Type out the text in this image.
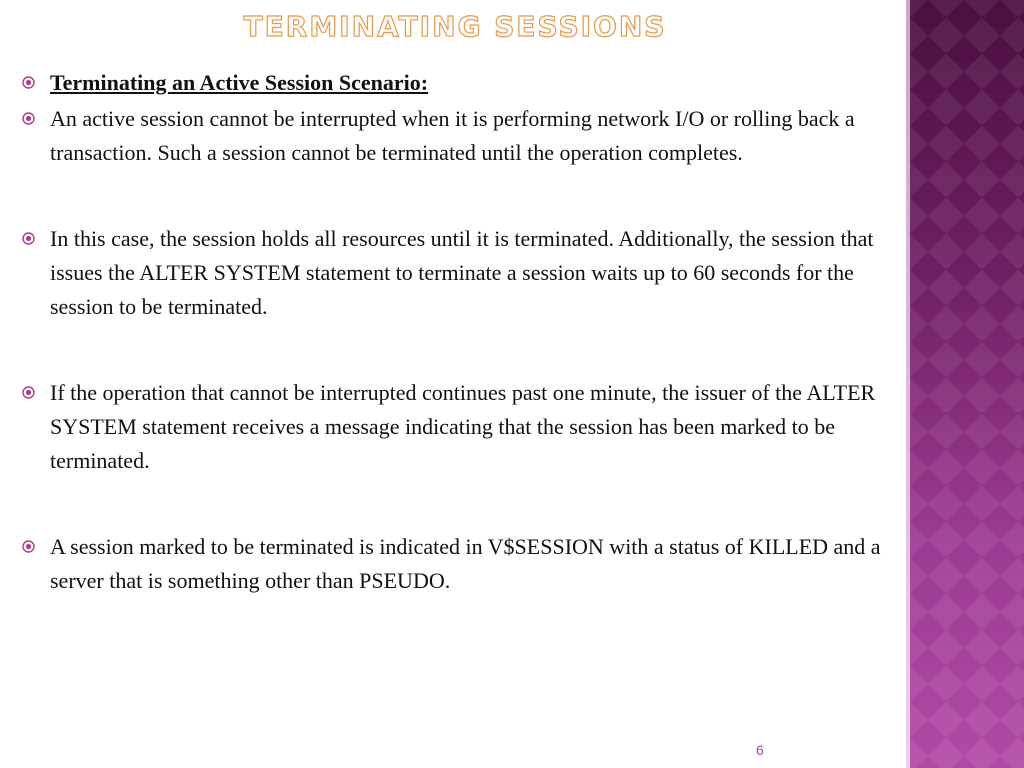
TERMINATING SESSIONS
Terminating an Active Session Scenario:
An active session cannot be interrupted when it is performing network I/O or rolling back a transaction. Such a session cannot be terminated until the operation completes.
In this case, the session holds all resources until it is terminated. Additionally, the session that issues the ALTER SYSTEM statement to terminate a session waits up to 60 seconds for the session to be terminated.
If the operation that cannot be interrupted continues past one minute, the issuer of the ALTER SYSTEM statement receives a message indicating that the session has been marked to be terminated.
A session marked to be terminated is indicated in V$SESSION with a status of KILLED and a server that is something other than PSEUDO.
6
